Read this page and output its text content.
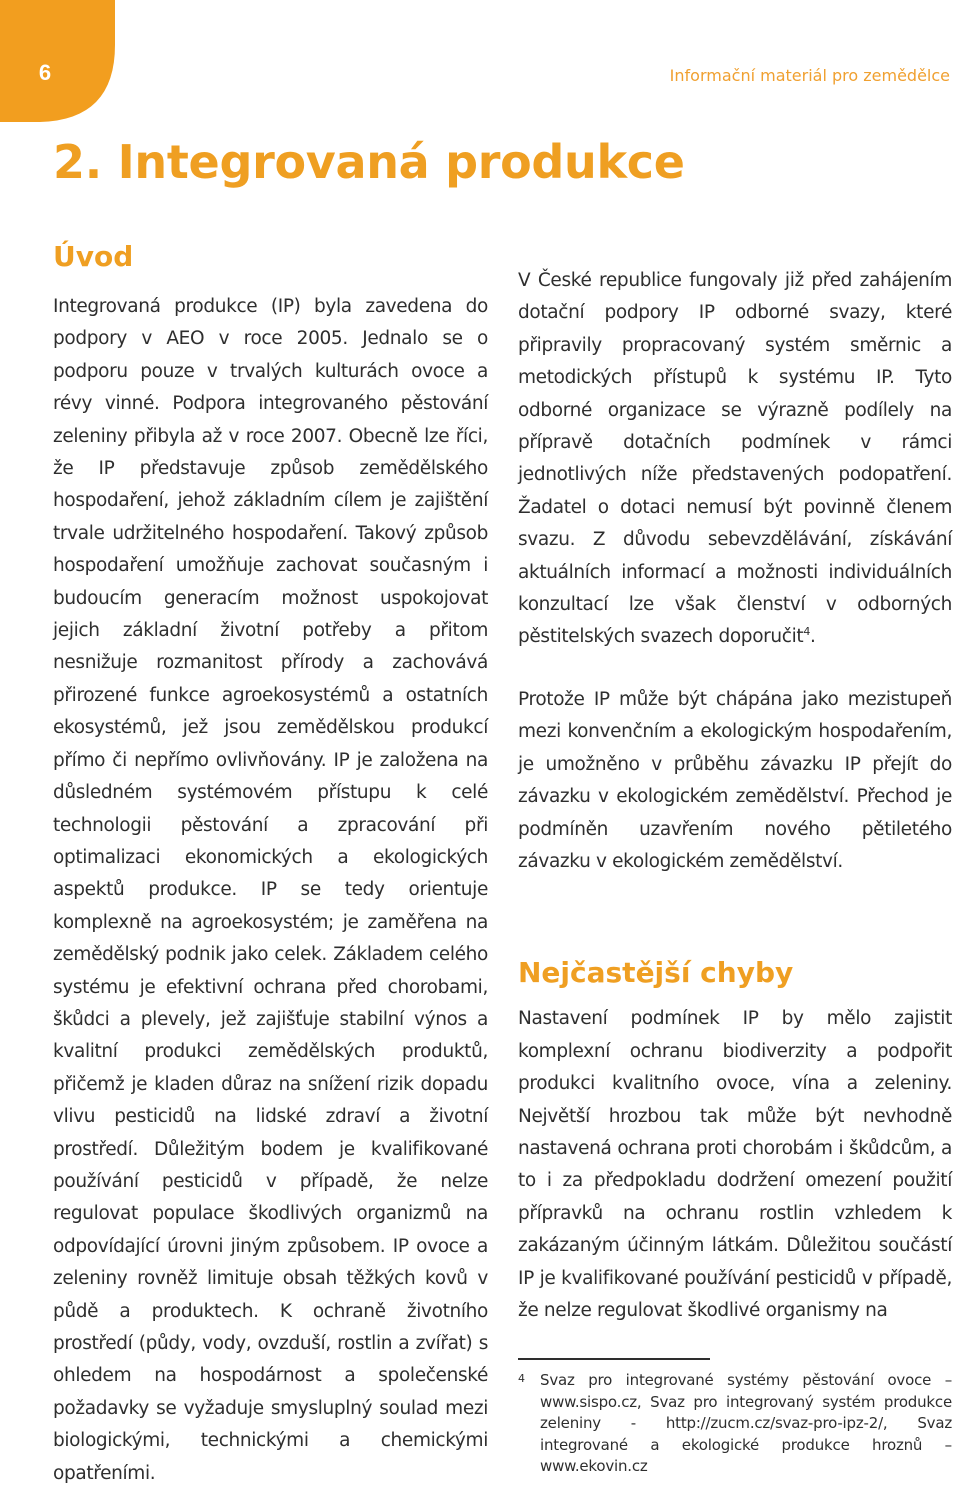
6	Informační materiál pro zemědělce
2. Integrovaná produkce
Úvod

Integrovaná produkce (IP) byla zavedena do podpory v AEO v roce 2005. Jednalo se o podporu pouze v trvalých kulturách ovoce a révy vinné. Podpora integrovaného pěstování zeleniny přibyla až v roce 2007. Obecně lze říci, že IP představuje způsob zemědělského hospodaření, jehož základním cílem je zajištění trvale udržitelného hospodaření. Takový způsob hospodaření umožňuje zachovat současným i budoucím generacím možnost uspokojovat jejich základní životní potřeby a přitom nesnižuje rozmanitost přírody a zachovává přirozené funkce agroekosystémů a ostatních ekosystémů, jež jsou zemědělskou produkcí přímo či nepřímo ovlivňovány. IP je založena na důsledném systémovém přístupu k celé technologii pěstování a zpracování při optimalizaci ekonomických a ekologických aspektů produkce. IP se tedy orientuje komplexně na agroekosystém; je zaměřena na zemědělský podnik jako celek. Základem celého systému je efektivní ochrana před chorobami, škůdci a plevely, jež zajišťuje stabilní výnos a kvalitní produkci zemědělských produktů, přičemž je kladen důraz na snížení rizik dopadu vlivu pesticidů na lidské zdraví a životní prostředí. Důležitým bodem je kvalifikované používání pesticidů v případě, že nelze regulovat populace škodlivých organizmů na odpovídající úrovni jiným způsobem. IP ovoce a zeleniny rovněž limituje obsah těžkých kovů v půdě a produktech. K ochraně životního prostředí (půdy, vody, ovzduší, rostlin a zvířat) s ohledem na hospodárnost a společenské požadavky se vyžaduje smysluplný soulad mezi biologickými, technickými a chemickými opatřeními.

V České republice fungovaly již před zahájením dotační podpory IP odborné svazy, které připravily propracovaný systém směrnic a metodických přístupů k systému IP. Tyto odborné organizace se výrazně podílely na přípravě dotačních podmínek v rámci jednotlivých níže představených podopatření. Žadatel o dotaci nemusí být povinně členem svazu. Z důvodu sebevzdělávání, získávání aktuálních informací a možnosti individuálních konzultací lze však členství v odborných pěstitelských svazech doporučit$^4$.

Protože IP může být chápána jako mezistupeň mezi konvenčním a ekologickým hospodařením, je umožněno v průběhu závazku IP přejít do závazku v ekologickém zemědělství. Přechod je podmíněn uzavřením nového pětiletého závazku v ekologickém zemědělství.

Nejčastější chyby

Nastavení podmínek IP by mělo zajistit komplexní ochranu biodiverzity a podpořit produkci kvalitního ovoce, vína a zeleniny. Největší hrozbou tak může být nevhodně nastavená ochrana proti chorobám i škůdcům, a to i za předpokladu dodržení omezení použití přípravků na ochranu rostlin vzhledem k zakázaným účinným látkám. Důležitou součástí IP je kvalifikované používání pesticidů v případě, že nelze regulovat škodlivé organismy na

4 Svaz pro integrované systémy pěstování ovoce – www.sispo.cz, Svaz pro integrovaný systém produkce zeleniny - http://zucm.cz/svaz-pro-ipz-2/, Svaz integrované a ekologické produkce hroznů – www.ekovin.cz
